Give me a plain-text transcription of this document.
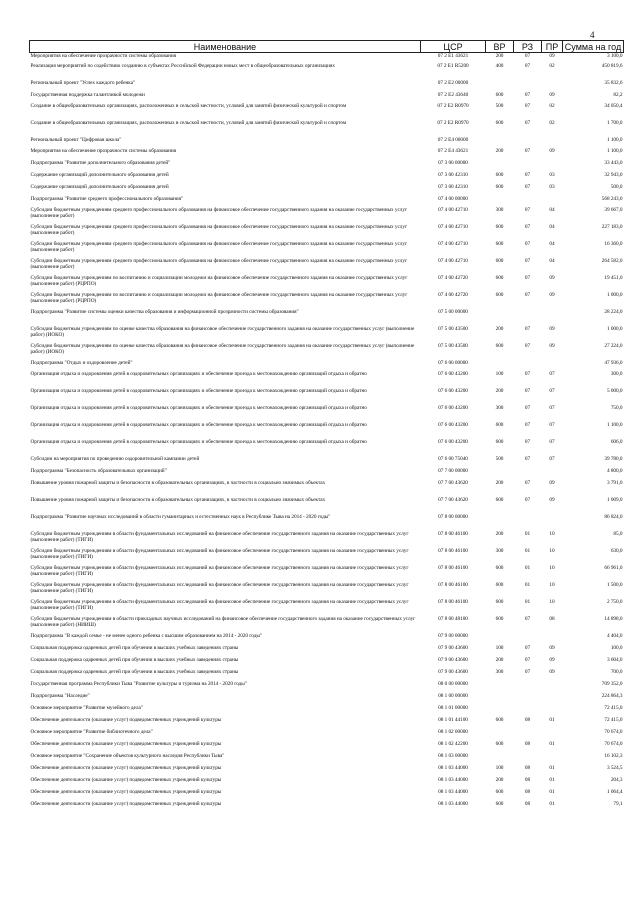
4
Наименование	ЦСР	ВР	РЗ	ПР	Сумма на год
Мероприятия на обеспечение прозрачности системы образования	07 2 E1 43621	200	07	09	3 100,0
Реализация мероприятий по содействию созданию в субъектах Российской Федерации новых мест в общеобразовательных организациях	07 2 E1 R5200	400	07	02	450 819,6
Региональный проект "Успех каждого ребенка"	07 2 E2 00000				35 832,6
Государственная поддержка талантливой молодежи	07 2 E2 43640	600	07	09	82,2
Создание в общеобразовательных организациях, расположенных в сельской местности, условий для занятий физической культурой и спортом	07 2 E2 R0970	500	07	02	34 050,4
Создание в общеобразовательных организациях, расположенных в сельской местности, условий для занятий физической культурой и спортом	07 2 E2 R0970	600	07	02	1 700,0
Региональный проект "Цифровая школа"	07 2 E4 00000				1 100,0
Мероприятия на обеспечение прозрачности системы образования	07 2 E4 43621	200	07	09	1 100,0
Подпрограмма "Развитие дополнительного образования детей"	07 3 00 00000				33 443,0
Содержание организаций дополнительного образования детей	07 3 00 42310	600	07	03	32 943,0
Содержание организаций дополнительного образования детей	07 3 00 42310	600	07	03	500,0
Подпрограмма "Развитие среднего профессионального образования"	07 4 00 00000				568 243,0
Субсидии бюджетным учреждениям среднего профессионального образования на финансовое обеспечение государственного задания на оказание государственных услуг (выполнение работ)	07 4 00 42710	300	07	04	39 667,0
Субсидии бюджетным учреждениям среднего профессионального образования на финансовое обеспечение государственного задания на оказание государственных услуг (выполнение работ)	07 4 00 42710	600	07	04	227 183,0
Субсидии бюджетным учреждениям среднего профессионального образования на финансовое обеспечение государственного задания на оказание государственных услуг (выполнение работ)	07 4 00 42710	600	07	04	16 360,0
Субсидии бюджетным учреждениям среднего профессионального образования на финансовое обеспечение государственного задания на оказание государственных услуг (выполнение работ)	07 4 00 42710	600	07	04	264 582,0
Субсидии бюджетным учреждениям по воспитанию и социализации молодежи на финансовое обеспечение государственного задания на оказание государственных услуг (выполнение работ) (РЦРПО)	07 4 00 42720	600	07	09	19 451,0
Субсидии бюджетным учреждениям по воспитанию и социализации молодежи на финансовое обеспечение государственного задания на оказание государственных услуг (выполнение работ) (РЦРПО)	07 4 00 42720	600	07	09	1 000,0
Подпрограмма "Развитие системы оценки качества образования и информационной прозрачности системы образования"	07 5 00 00000				28 224,0
Субсидии бюджетным учреждениям по оценке качества образования на финансовое обеспечение государственного задания на оказание государственных услуг (выполнение работ) (ИОКО)	07 5 00 43500	200	07	09	1 000,0
Субсидии бюджетным учреждениям по оценке качества образования на финансовое обеспечение государственного задания на оказание государственных услуг (выполнение работ) (ИОКО)	07 5 00 43500	600	07	09	27 224,0
Подпрограмма "Отдых и оздоровление детей"	07 6 00 00000				47 936,0
Организация отдыха и оздоровления детей в оздоровительных организациях и обеспечение проезда к местонахождению организаций отдыха и обратно	07 6 00 43200	100	07	07	300,0
Организация отдыха и оздоровления детей в оздоровительных организациях и обеспечение проезда к местонахождению организаций отдыха и обратно	07 6 00 43200	200	07	07	5 000,0
Организация отдыха и оздоровления детей в оздоровительных организациях и обеспечение проезда к местонахождению организаций отдыха и обратно	07 6 00 43200	300	07	07	750,0
Организация отдыха и оздоровления детей в оздоровительных организациях и обеспечение проезда к местонахождению организаций отдыха и обратно	07 6 00 43200	600	07	07	1 100,0
Организация отдыха и оздоровления детей в оздоровительных организациях и обеспечение проезда к местонахождению организаций отдыха и обратно	07 6 00 43200	600	07	07	606,0
Субсидии на мероприятия по проведению оздоровительной кампании детей	07 6 00 75040	500	07	07	39 780,0
Подпрограмма "Безопасность образовательных организаций"	07 7 00 00000				4 800,0
Повышение уровня пожарной защиты и безопасности в образовательных организациях, в частности в социально значимых объектах	07 7 00 43620	200	07	09	3 791,0
Повышение уровня пожарной защиты и безопасности в образовательных организациях, в частности в социально значимых объектах	07 7 00 43620	600	07	09	1 009,0
Подпрограмма "Развитие научных исследований в области гуманитарных и естественных наук в Республике Тыва на 2014 - 2020 годы"	07 8 00 00000				86 824,0
Субсидии бюджетным учреждениям в области фундаментальных исследований на финансовое обеспечение государственного задания на оказание государственных услуг (выполнение работ) (ТИГИ)	07 8 00 46100	200	01	10	85,0
Субсидии бюджетным учреждениям в области фундаментальных исследований на финансовое обеспечение государственного задания на оказание государственных услуг (выполнение работ) (ТИГИ)	07 8 00 46100	300	01	10	630,0
Субсидии бюджетным учреждениям в области фундаментальных исследований на финансовое обеспечение государственного задания на оказание государственных услуг (выполнение работ) (ТИГИ)	07 8 00 46100	600	01	10	66 961,0
Субсидии бюджетным учреждениям в области фундаментальных исследований на финансовое обеспечение государственного задания на оказание государственных услуг (выполнение работ) (ТИГИ)	07 8 00 46100	600	01	10	1 500,0
Субсидии бюджетным учреждениям в области фундаментальных исследований на финансовое обеспечение государственного задания на оказание государственных услуг (выполнение работ) (ТИГИ)	07 8 00 46100	600	01	10	2 750,0
Субсидии бюджетным учреждениям в области прикладных научных исследований на финансовое обеспечение государственного задания на оказание государственных услуг (выполнение работ) (НИИШ)	07 8 00 48100	600	07	08	14 898,0
Подпрограмма "В каждой семье - не менее одного ребенка с высшим образованием на 2014 - 2020 годы"	07 9 00 00000				4 404,0
Социальная поддержка одаренных детей при обучении в высших учебных заведениях страны	07 9 00 43600	100	07	09	100,0
Социальная поддержка одаренных детей при обучении в высших учебных заведениях страны	07 9 00 43600	200	07	09	3 604,0
Социальная поддержка одаренных детей при обучении в высших учебных заведениях страны	07 9 00 43600	300	07	09	700,0
Государственная программа Республики Тыва "Развитие культуры и туризма на 2014 - 2020 годы"	08 0 00 00000				709 352,0
Подпрограмма "Наследие"	08 1 00 00000				224 864,3
Основное мероприятие "Развитие музейного дела"	08 1 01 00000				72 415,0
Обеспечение деятельности (оказание услуг) подведомственных учреждений культуры	08 1 01 44100	600	08	01	72 415,0
Основное мероприятие "Развитие библиотечного дела"	08 1 02 00000				70 674,0
Обеспечение деятельности (оказание услуг) подведомственных учреждений культуры	08 1 02 42200	600	08	01	70 674,0
Основное мероприятие "Сохранение объектов культурного наследия Республики Тыва"	08 1 03 00000				16 102,3
Обеспечение деятельности (оказание услуг) подведомственных учреждений культуры	08 1 03 44000	100	08	01	3 524,5
Обеспечение деятельности (оказание услуг) подведомственных учреждений культуры	08 1 03 44000	200	08	01	204,3
Обеспечение деятельности (оказание услуг) подведомственных учреждений культуры	08 1 03 44000	600	08	01	1 064,4
Обеспечение деятельности (оказание услуг) подведомственных учреждений культуры	08 1 03 44000	600	08	01	79,1
